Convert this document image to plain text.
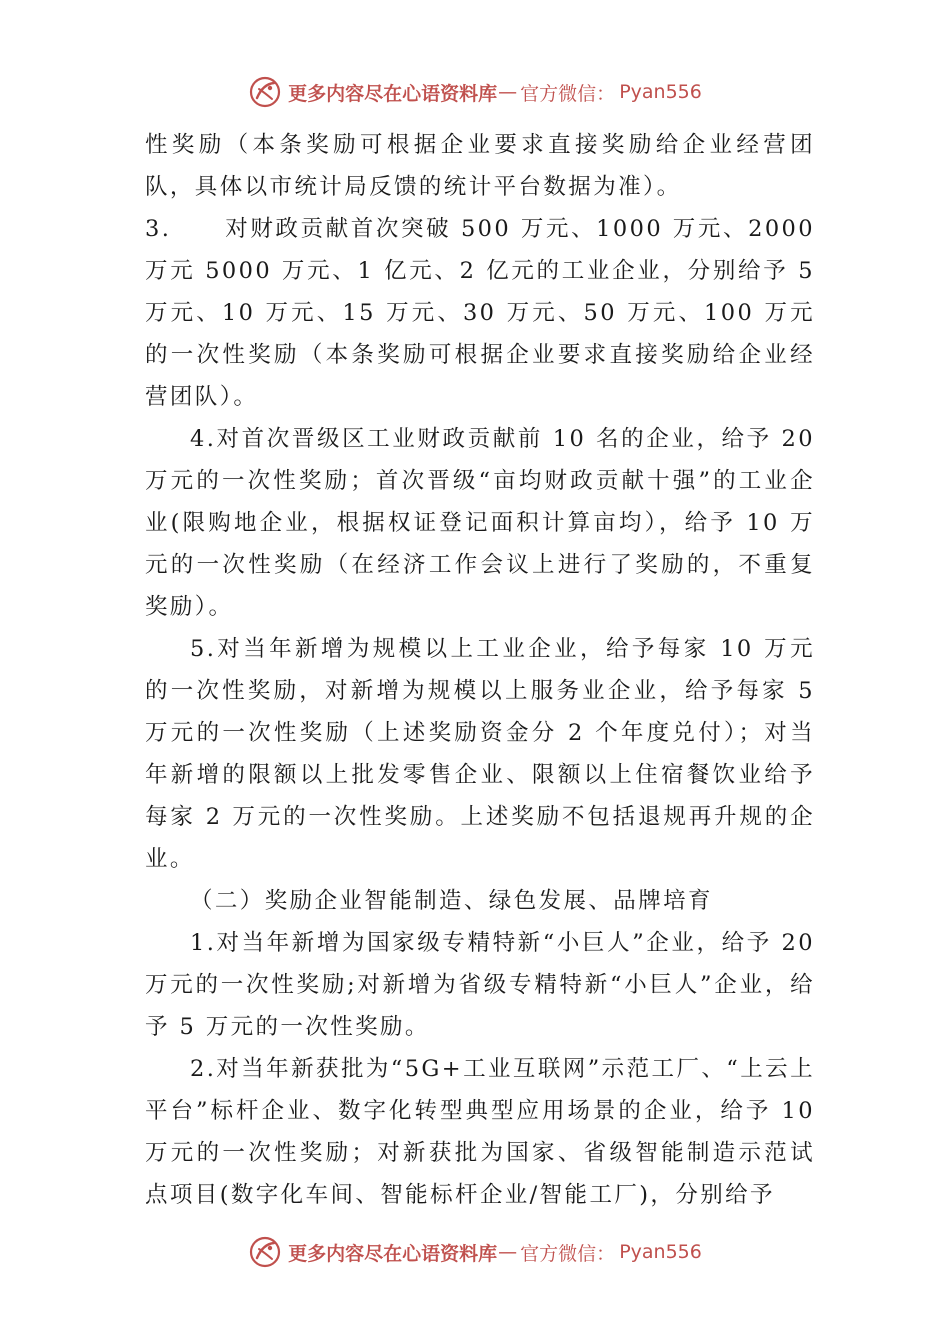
更多内容尽在心语资料库 — 官方微信： Pyan556

性奖励（本条奖励可根据企业要求直接奖励给企业经营团队，具体以市统计局反馈的统计平台数据为准）。

3. 对财政贡献首次突破 500 万元、1000 万元、2000 万元 5000 万元、1 亿元、2 亿元的工业企业，分别给予 5 万元、10 万元、15 万元、30 万元、50 万元、100 万元的一次性奖励（本条奖励可根据企业要求直接奖励给企业经营团队）。

4.对首次晋级区工业财政贡献前 10 名的企业，给予 20 万元的一次性奖励；首次晋级“亩均财政贡献十强”的工业企业(限购地企业，根据权证登记面积计算亩均），给予 10 万元的一次性奖励（在经济工作会议上进行了奖励的，不重复奖励）。

5.对当年新增为规模以上工业企业，给予每家 10 万元的一次性奖励，对新增为规模以上服务业企业，给予每家 5 万元的一次性奖励（上述奖励资金分 2 个年度兑付）；对当年新增的限额以上批发零售企业、限额以上住宿餐饮业给予每家 2 万元的一次性奖励。上述奖励不包括退规再升规的企业。

（二）奖励企业智能制造、绿色发展、品牌培育

1.对当年新增为国家级专精特新“小巨人”企业，给予 20 万元的一次性奖励;对新增为省级专精特新“小巨人”企业，给予 5 万元的一次性奖励。

2.对当年新获批为“5G+工业互联网”示范工厂、“上云上平台”标杆企业、数字化转型典型应用场景的企业，给予 10 万元的一次性奖励；对新获批为国家、省级智能制造示范试点项目(数字化车间、智能标杆企业/智能工厂)，分别给予

更多内容尽在心语资料库 — 官方微信： Pyan556
